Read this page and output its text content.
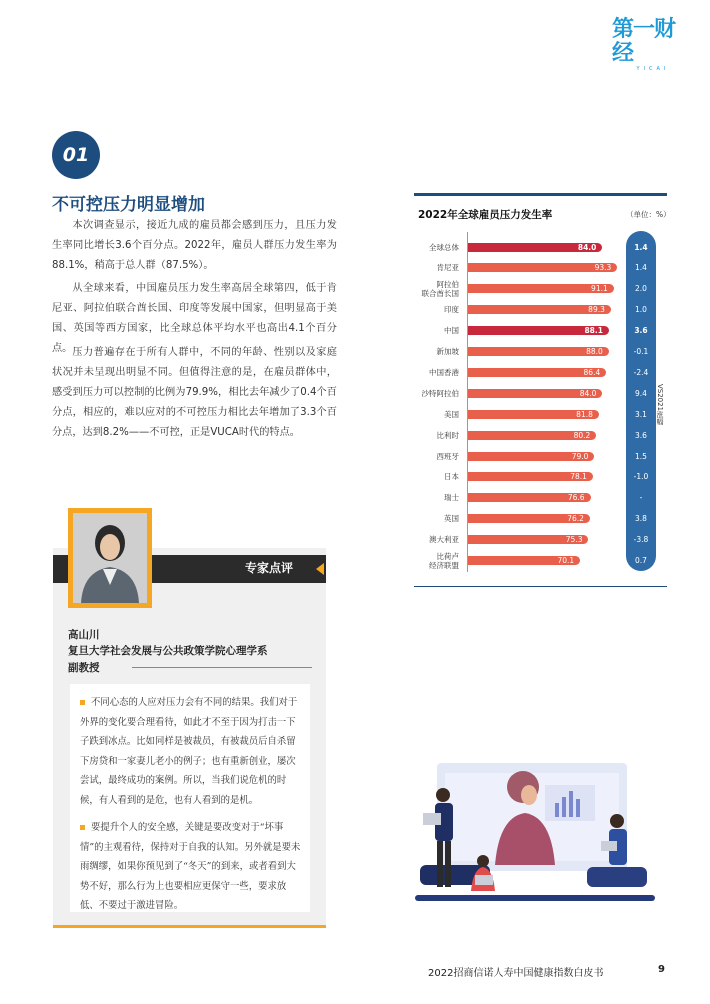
第一财经
YICAI
01
不可控压力明显增加
本次调查显示，接近九成的雇员都会感到压力，且压力发生率同比增长3.6个百分点。2022年，雇员人群压力发生率为88.1%，稍高于总人群（87.5%）。
从全球来看，中国雇员压力发生率高居全球第四，低于肯尼亚、阿拉伯联合酋长国、印度等发展中国家，但明显高于美国、英国等西方国家，比全球总体平均水平也高出4.1个百分点。 压力普遍存在于所有人群中，不同的年龄、性别以及家庭状况并未呈现出明显不同。但值得注意的是，在雇员群体中，感受到压力可以控制的比例为79.9%，相比去年减少了0.4个百分点，相应的，难以应对的不可控压力相比去年增加了3.3个百分点，达到8.2%——不可控，正是VUCA时代的特点。
2022年全球雇员压力发生率	（单位：%）
VS2021涨幅
全球总体	84.0	1.4
肯尼亚	93.3	1.4
阿拉伯
联合酋长国	91.1	2.0
印度	89.3	1.0
中国	88.1	3.6
新加坡	88.0	-0.1
中国香港	86.4	-2.4
沙特阿拉伯	84.0	9.4
美国	81.8	3.1
比利时	80.2	3.6
西班牙	79.0	1.5
日本	78.1	-1.0
瑞士	76.6	-
英国	76.2	3.8
澳大利亚	75.3	-3.8
比荷卢
经济联盟	70.1	0.7
专家点评
高山川
复旦大学社会发展与公共政策学院心理学系
副教授
不同心态的人应对压力会有不同的结果。我们对于外界的变化要合理看待，如此才不至于因为打击一下子跌到冰点。比如同样是被裁员，有被裁员后自杀留下房贷和一家妻儿老小的例子；也有重新创业，屡次尝试，最终成功的案例。所以，当我们说危机的时候，有人看到的是危，也有人看到的是机。
要提升个人的安全感，关键是要改变对于“坏事情”的主观看待，保持对于自我的认知。另外就是要未雨绸缪，如果你预见到了“冬天”的到来，或者看到大势不好，那么行为上也要相应更保守一些，要求放低、不要过于激进冒险。
2022招商信诺人寿中国健康指数白皮书	9
